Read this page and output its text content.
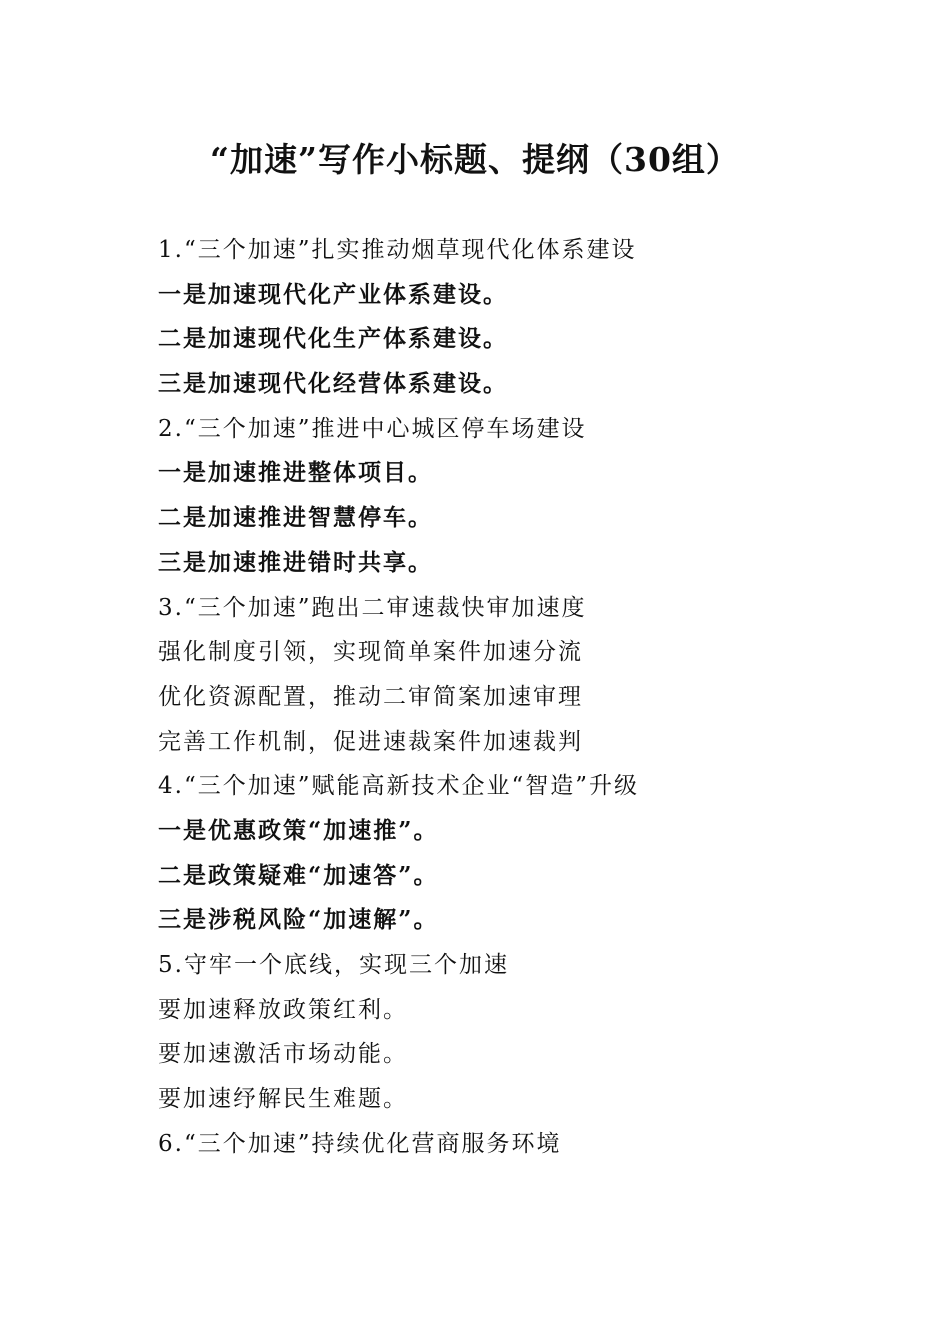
“加速”写作小标题、提纲（30组）
1.“三个加速”扎实推动烟草现代化体系建设
一是加速现代化产业体系建设。
二是加速现代化生产体系建设。
三是加速现代化经营体系建设。
2.“三个加速”推进中心城区停车场建设
一是加速推进整体项目。
二是加速推进智慧停车。
三是加速推进错时共享。
3.“三个加速”跑出二审速裁快审加速度
强化制度引领，实现简单案件加速分流
优化资源配置，推动二审简案加速审理
完善工作机制，促进速裁案件加速裁判
4.“三个加速”赋能高新技术企业“智造”升级
一是优惠政策“加速推”。
二是政策疑难“加速答”。
三是涉税风险“加速解”。
5.守牢一个底线，实现三个加速
要加速释放政策红利。
要加速激活市场动能。
要加速纾解民生难题。
6.“三个加速”持续优化营商服务环境
